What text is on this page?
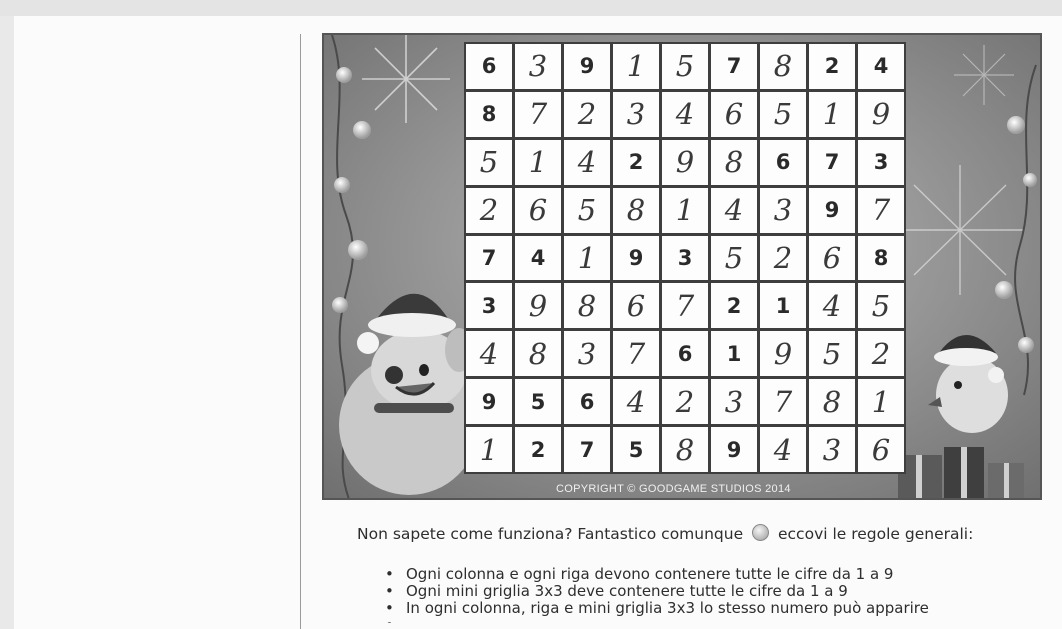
6	3	9	1	5	7	8	2	4
8	7	2	3	4	6	5	1	9
5	1	4	2	9	8	6	7	3
2	6	5	8	1	4	3	9	7
7	4	1	9	3	5	2	6	8
3	9	8	6	7	2	1	4	5
4	8	3	7	6	1	9	5	2
9	5	6	4	2	3	7	8	1
1	2	7	5	8	9	4	3	6
COPYRIGHT © GOODGAME STUDIOS 2014
Non sapete come funziona? Fantastico comunque eccovi le regole generali:
• Ogni colonna e ogni riga devono contenere tutte le cifre da 1 a 9
• Ogni mini griglia 3x3 deve contenere tutte le cifre da 1 a 9
• In ogni colonna, riga e mini griglia 3x3 lo stesso numero può apparire
•
